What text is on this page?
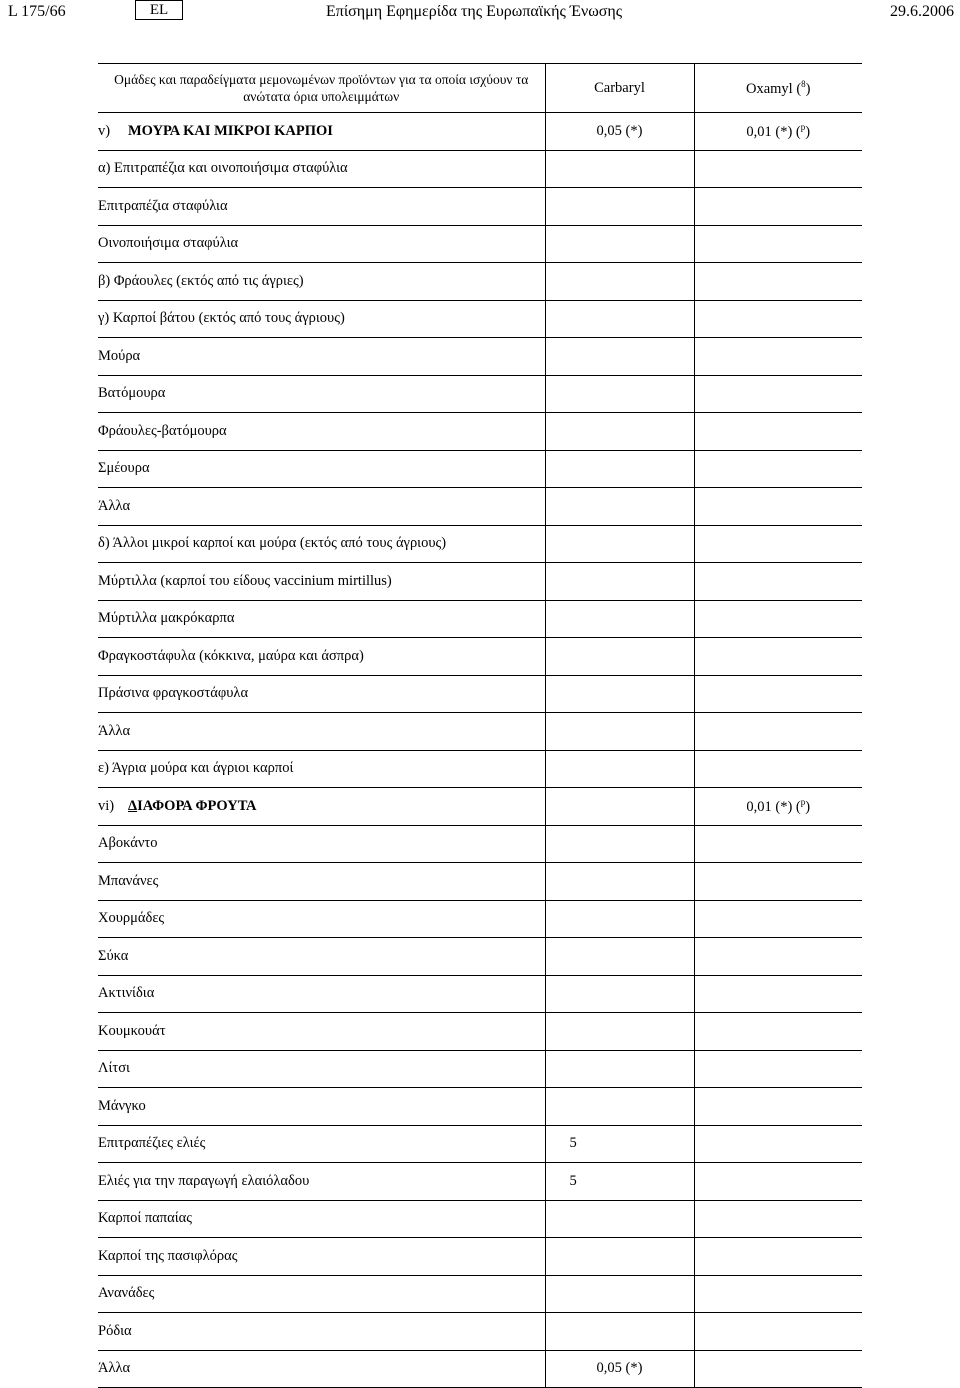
L 175/66	EL	Επίσημη Εφημερίδα της Ευρωπαϊκής Ένωσης	29.6.2006
Ομάδες και παραδείγματα μεμονωμένων προϊόντων για τα οποία ισχύουν τα ανώτατα όρια υπολειμμάτων	Carbaryl	Oxamyl ($^8$)
v) ΜΟΥΡΑ ΚΑΙ ΜΙΚΡΟΙ ΚΑΡΠΟΙ	0,05 (*)	0,01 (*) ($^p$)
α) Επιτραπέζια και οινοποιήσιμα σταφύλια		
Επιτραπέζια σταφύλια		
Οινοποιήσιμα σταφύλια		
β) Φράουλες (εκτός από τις άγριες)		
γ) Καρποί βάτου (εκτός από τους άγριους)		
Μούρα		
Βατόμουρα		
Φράουλες-βατόμουρα		
Σμέουρα		
Άλλα		
δ) Άλλοι μικροί καρποί και μούρα (εκτός από τους άγριους)		
Μύρτιλλα (καρποί του είδους vaccinium mirtillus)		
Μύρτιλλα μακρόκαρπα		
Φραγκοστάφυλα (κόκκινα, μαύρα και άσπρα)		
Πράσινα φραγκοστάφυλα		
Άλλα		
ε) Άγρια μούρα και άγριοι καρποί		
vi) ΔΙΑΦΟΡΑ ΦΡΟΥΤΑ		0,01 (*) ($^p$)
Αβοκάντο		
Μπανάνες		
Χουρμάδες		
Σύκα		
Ακτινίδια		
Κουμκουάτ		
Λίτσι		
Μάνγκο		
Επιτραπέζιες ελιές	5	
Ελιές για την παραγωγή ελαιόλαδου	5	
Καρποί παπαίας		
Καρποί της πασιφλόρας		
Ανανάδες		
Ρόδια		
Άλλα	0,05 (*)	
